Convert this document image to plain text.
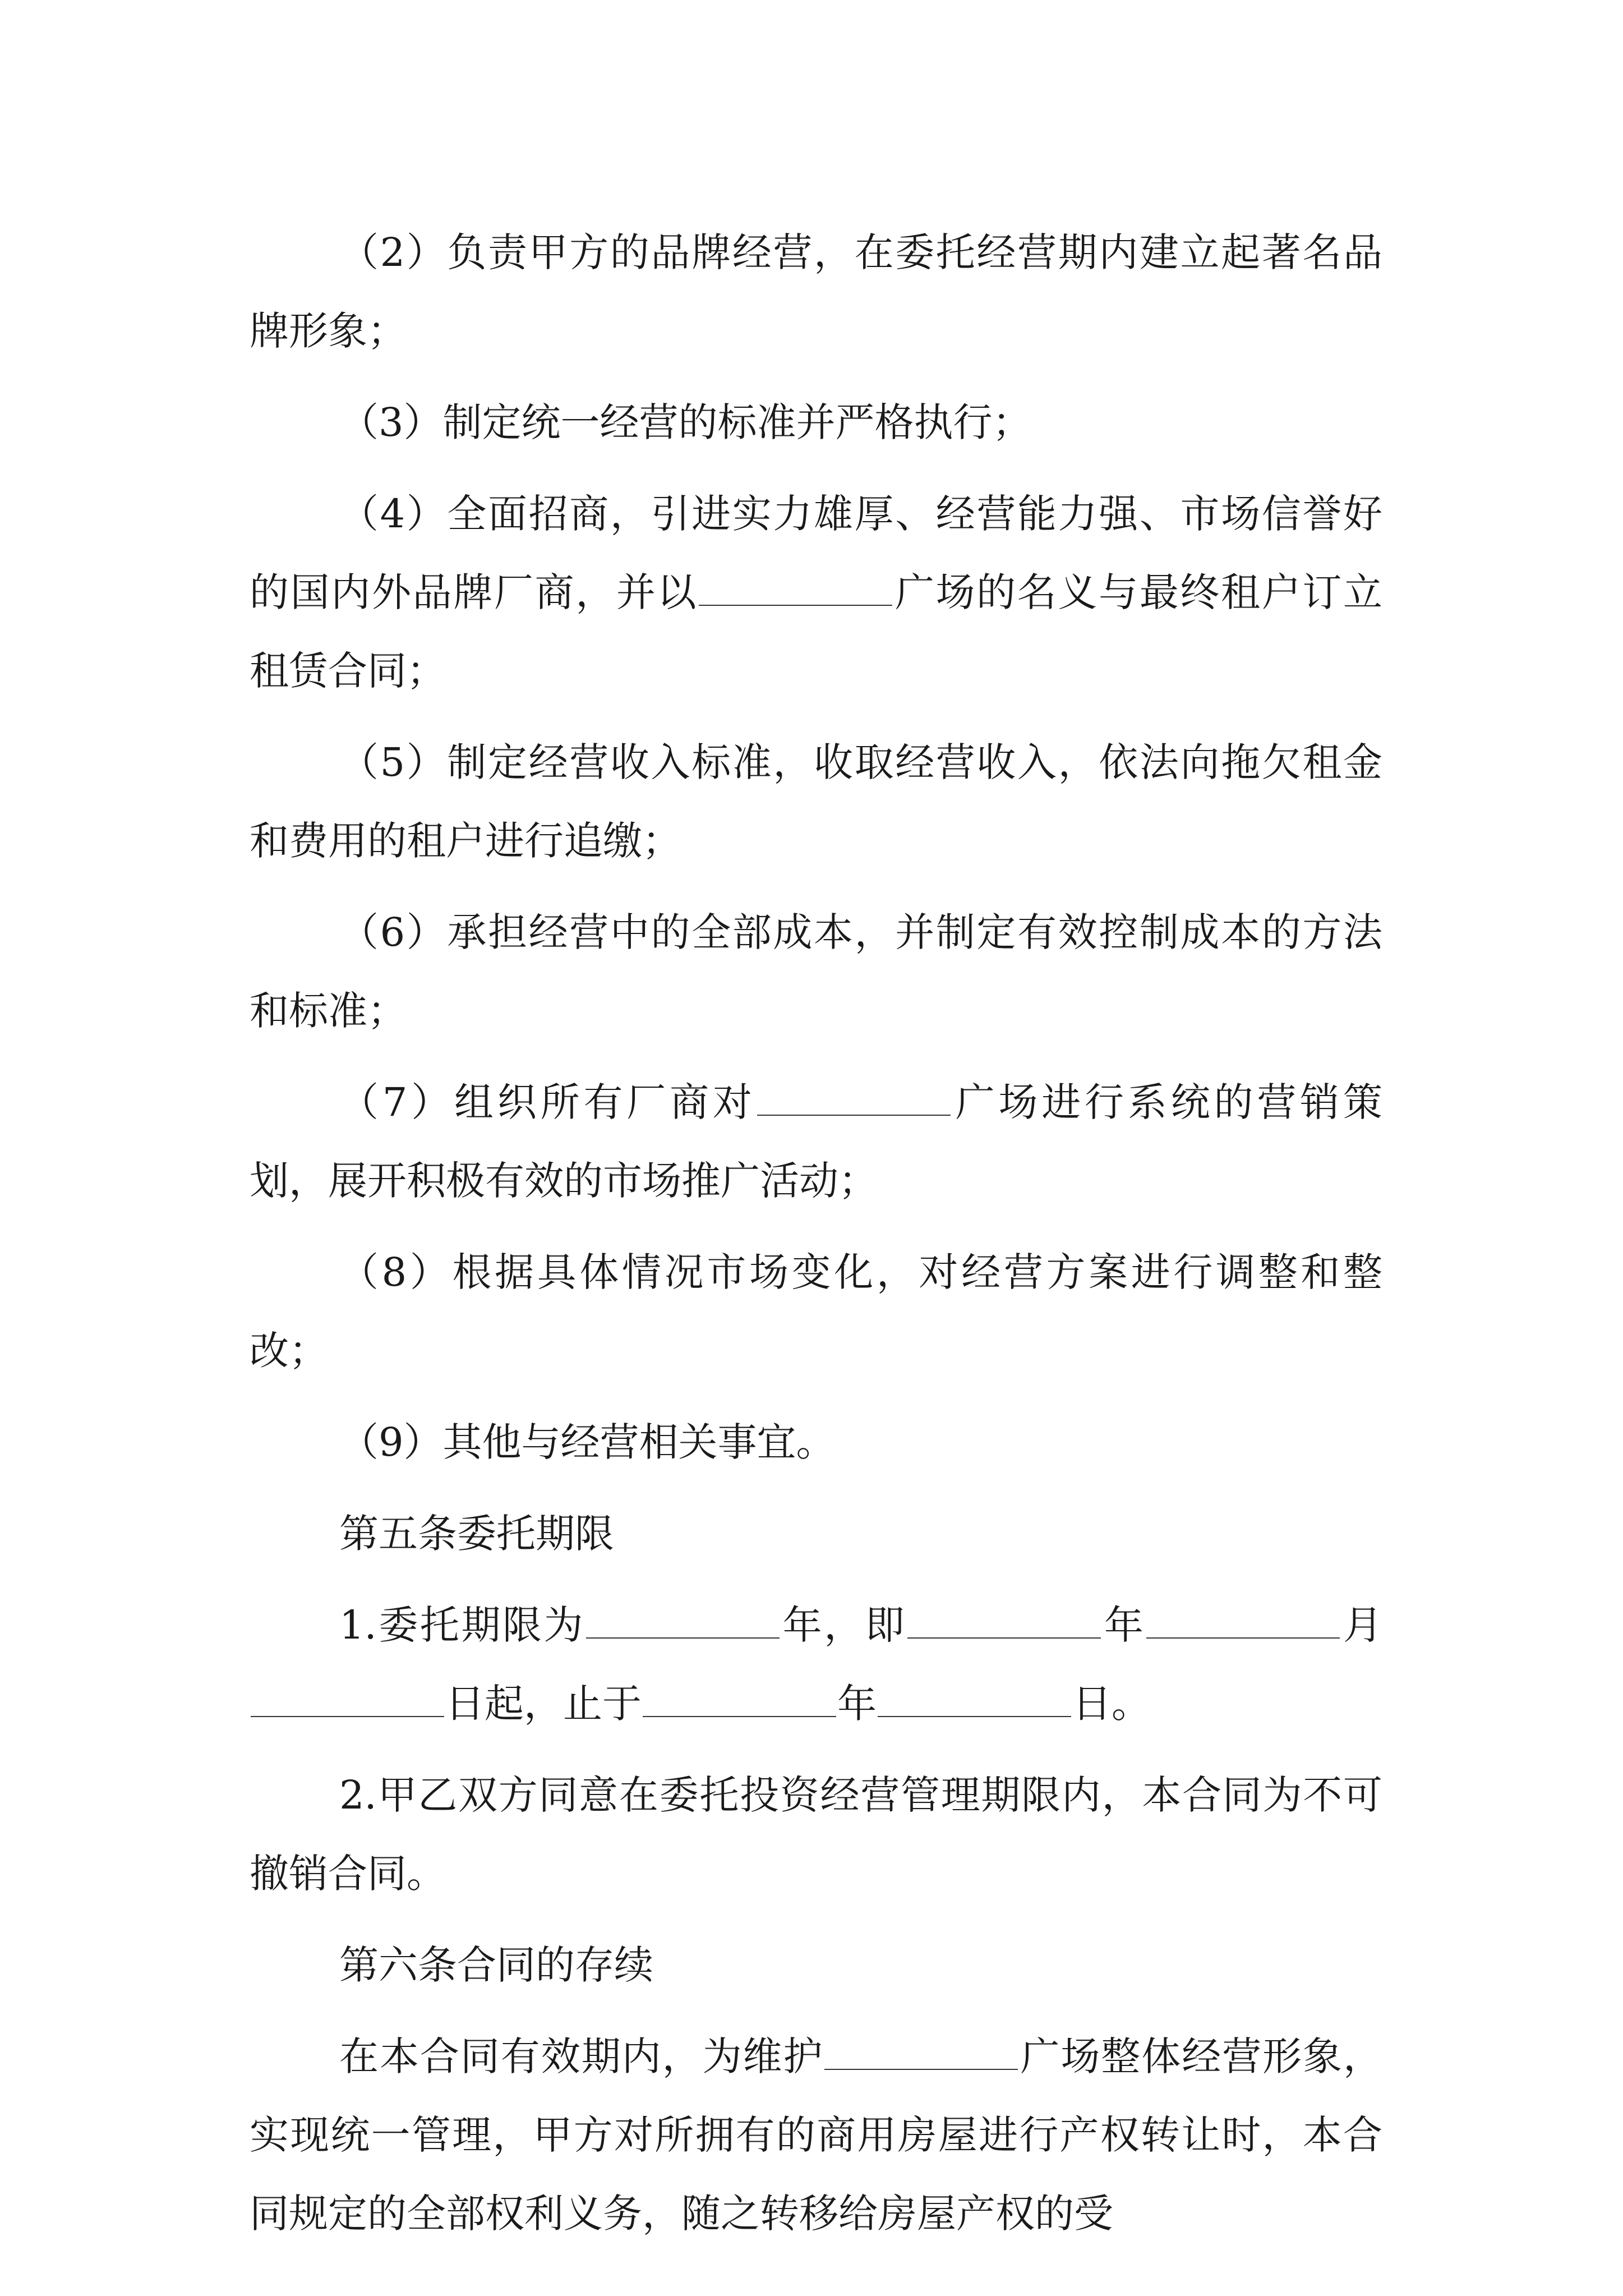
（2）负责甲方的品牌经营，在委托经营期内建立起著名品牌形象；

（3）制定统一经营的标准并严格执行；

（4）全面招商，引进实力雄厚、经营能力强、市场信誉好的国内外品牌厂商，并以	广场的名义与最终租户订立租赁合同；

（5）制定经营收入标准，收取经营收入，依法向拖欠租金和费用的租户进行追缴；

（6）承担经营中的全部成本，并制定有效控制成本的方法和标准；

（7）组织所有厂商对	广场进行系统的营销策划，展开积极有效的市场推广活动；

（8）根据具体情况市场变化，对经营方案进行调整和整改；

（9）其他与经营相关事宜。

第五条委托期限

1.委托期限为	年，即	年	月日起，止于	年	日。

2.甲乙双方同意在委托投资经营管理期限内，本合同为不可撤销合同。

第六条合同的存续

在本合同有效期内，为维护	广场整体经营形象，实现统一管理，甲方对所拥有的商用房屋进行产权转让时，本合同规定的全部权利义务，随之转移给房屋产权的受
